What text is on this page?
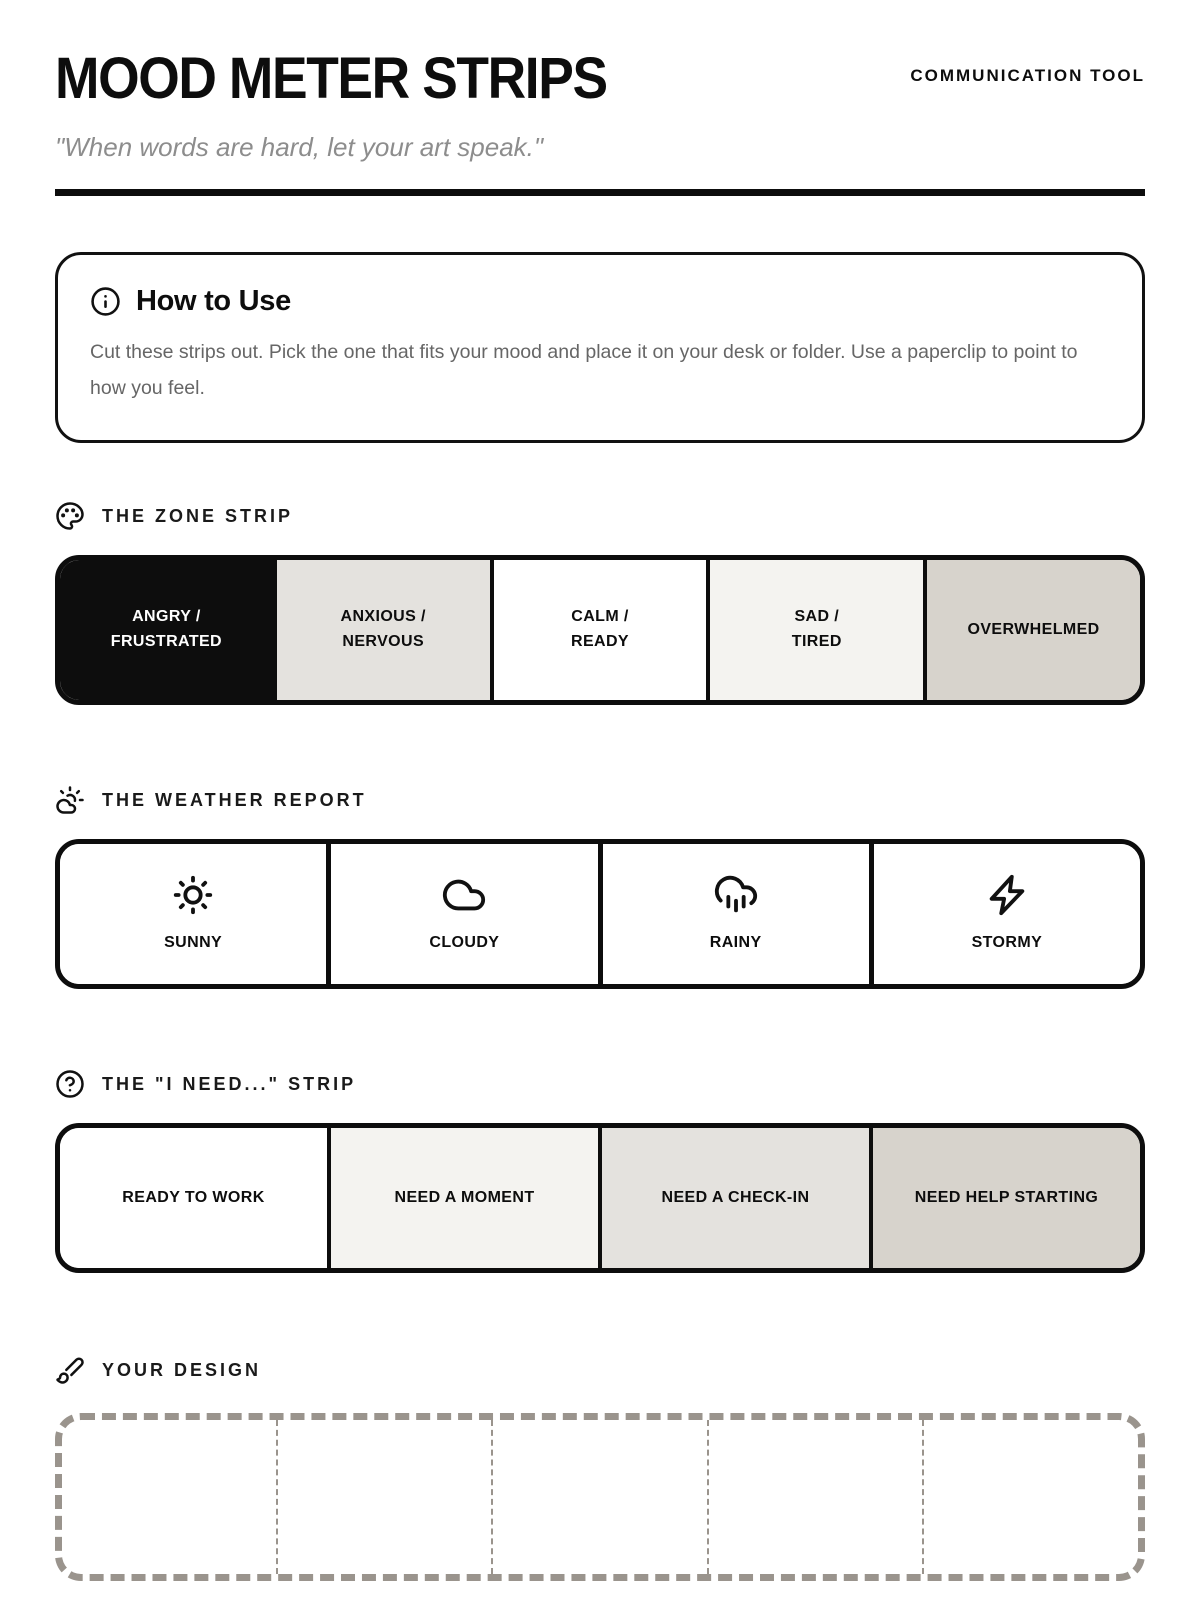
MOOD METER STRIPS	COMMUNICATION TOOL
"When words are hard, let your art speak."
How to Use

Cut these strips out. Pick the one that fits your mood and place it on your desk or folder. Use a paperclip to point to how you feel.

THE ZONE STRIP
ANGRY /
FRUSTRATED
ANXIOUS /
NERVOUS
CALM /
READY
SAD /
TIRED
OVERWHELMED
THE WEATHER REPORT
SUNNY	CLOUDY	RAINY	STORMY
THE "I NEED..." STRIP
READY TO WORK	NEED A MOMENT	NEED A CHECK-IN	NEED HELP STARTING
YOUR DESIGN
